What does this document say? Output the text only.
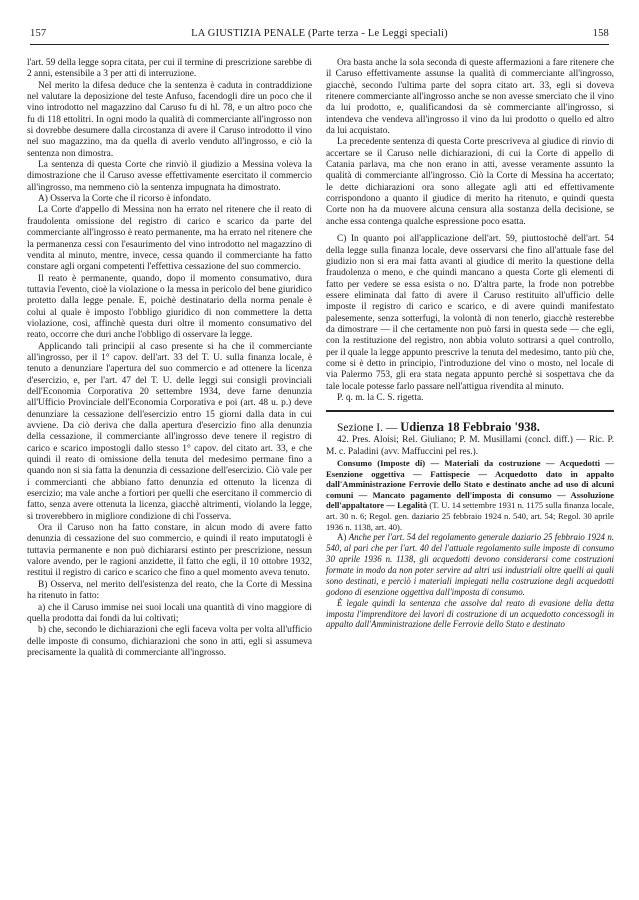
157	LA GIUSTIZIA PENALE (Parte terza - Le Leggi speciali)	158

l'art. 59 della legge sopra citata, per cui il termine di prescrizione sarebbe di 2 anni, estensibile a 3 per atti di interruzione.

Nel merito la difesa deduce che la sentenza è caduta in contraddizione nel valutare la deposizione del teste Anfuso, facendogli dire un poco che il vino introdotto nel magazzino dal Caruso fu di hl. 78, e un altro poco che fu di 118 ettolitri. In ogni modo la qualità di commerciante all'ingrosso non si dovrebbe desumere dalla circostanza di avere il Caruso introdotto il vino nel suo magazzino, ma da quella di averlo venduto all'ingrosso, e ciò la sentenza non dimostra.

La sentenza di questa Corte che rinviò il giudizio a Messina voleva la dimostrazione che il Caruso avesse effettivamente esercitato il commercio all'ingrosso, ma nemmeno ciò la sentenza impugnata ha dimostrato.

A) Osserva la Corte che il ricorso è infondato.

La Corte d'appello di Messina non ha errato nel ritenere che il reato di fraudolenta omissione del registro di carico e scarico da parte del commerciante all'ingrosso è reato permanente, ma ha errato nel ritenere che la permanenza cessi con l'esaurimento del vino introdotto nel magazzino di vendita al minuto, mentre, invece, cessa quando il commerciante ha fatto constare agli organi competenti l'effettiva cessazione del suo commercio.

Il reato è permanente, quando, dopo il momento consumativo, dura tuttavia l'evento, cioè la violazione o la messa in pericolo del bene giuridico protetto dalla legge penale. E, poichè destinatario della norma penale è colui al quale è imposto l'obbligo giuridico di non commettere la detta violazione, così, affinchè questa duri oltre il momento consumativo del reato, occorre che duri anche l'obbligo di osservare la legge.

Applicando tali principii al caso presente si ha che il commerciante all'ingrosso, per il 1° capov. dell'art. 33 del T. U. sulla finanza locale, è tenuto a denunziare l'apertura del suo commercio e ad ottenere la licenza d'esercizio, e, per l'art. 47 del T. U. delle leggi sui consigli provinciali dell'Economia Corporativa 20 settembre 1934, deve farne denunzia all'Ufficio Provinciale dell'Economia Corporativa e poi (art. 48 u. p.) deve denunziare la cessazione dell'esercizio entro 15 giorni dalla data in cui avviene. Da ciò deriva che dalla apertura d'esercizio fino alla denunzia della cessazione, il commerciante all'ingrosso deve tenere il registro di carico e scarico impostogli dallo stesso 1° capov. del citato art. 33, e che quindi il reato di omissione della tenuta del medesimo permane fino a quando non si sia fatta la denunzia di cessazione dell'esercizio. Ciò vale per i commercianti che abbiano fatto denunzia ed ottenuto la licenza di esercizio; ma vale anche a fortiori per quelli che esercitano il commercio di fatto, senza avere ottenuta la licenza, giacchè altrimenti, violando la legge, si troverebbero in migliore condizione di chi l'osserva.

Ora il Caruso non ha fatto constare, in alcun modo di avere fatto denunzia di cessazione del suo commercio, e quindi il reato imputatogli è tuttavia permanente e non può dichiararsi estinto per prescrizione, nessun valore avendo, per le ragioni anzidette, il fatto che egli, il 10 ottobre 1932, restituì il registro di carico e scarico che fino a quel momento aveva tenuto.

B) Osserva, nel merito dell'esistenza del reato, che la Corte di Messina ha ritenuto in fatto:

a) che il Caruso immise nei suoi locali una quantità di vino maggiore di quella prodotta dai fondi da lui coltivati;

b) che, secondo le dichiarazioni che egli faceva volta per volta all'ufficio delle imposte di consumo, dichiarazioni che sono in atti, egli si assumeva precisamente la qualità di commerciante all'ingrosso.

Ora basta anche la sola seconda di queste affermazioni a fare ritenere che il Caruso effettivamente assunse la qualità di commerciante all'ingrosso, giacchè, secondo l'ultima parte del sopra citato art. 33, egli si doveva ritenere commerciante all'ingrosso anche se non avesse smerciato che il vino da lui prodotto, e, qualificandosi da sè commerciante all'ingrosso, si intendeva che vendeva all'ingrosso il vino da lui prodotto o quello ed altro da lui acquistato.

La precedente sentenza di questa Corte prescriveva al giudice di rinvio di accertare se il Caruso nelle dichiarazioni, di cui la Corte di appello di Catania parlava, ma che non erano in atti, avesse veramente assunto la qualità di commerciante all'ingrosso. Ciò la Corte di Messina ha accertato; le dette dichiarazioni ora sono allegate agli atti ed effettivamente corrispondono a quanto il giudice di merito ha ritenuto, e quindi questa Corte non ha da muovere alcuna censura alla sostanza della decisione, se anche essa contenga qualche espressione poco esatta.

C) In quanto poi all'applicazione dell'art. 59, piuttostochè dell'art. 54 della legge sulla finanza locale, deve osservarsi che fino all'attuale fase del giudizio non si era mai fatta avanti al giudice di merito la questione della fraudolenza o meno, e che quindi mancano a questa Corte gli elementi di fatto per vedere se essa esista o no. D'altra parte, la frode non potrebbe essere eliminata dal fatto di avere il Caruso restituito all'ufficio delle imposte il registro di carico e scarico, e di avere quindi manifestato palesemente, senza sotterfugi, la volontà di non tenerlo, giacchè resterebbe da dimostrare — il che certamente non può farsi in questa sede — che egli, con la restituzione del registro, non abbia voluto sottrarsi a quel controllo, per il quale la legge appunto prescrive la tenuta del medesimo, tanto più che, come si è detto in principio, l'introduzione del vino o mosto, nel locale di via Palermo 753, gli era stata negata appunto perchè si sospettava che da tale locale potesse farlo passare nell'attigua rivendita al minuto.

P. q. m. la C. S. rigetta.

Sezione I. — Udienza 18 Febbraio '938.

42. Pres. Aloisi; Rel. Giuliano; P. M. Musillami (concl. diff.) — Ric. P. M. c. Paladini (avv. Maffuccini pel res.).

Consumo (Imposte di) — Materiali da costruzione — Acquedotti — Esenzione oggettiva — Fattispecie — Acquedotto dato in appalto dall'Amministrazione Ferrovie dello Stato e destinato anche ad uso di alcuni comuni — Mancato pagamento dell'imposta di consumo — Assoluzione dell'appaltatore — Legalità (T. U. 14 settembre 1931 n. 1175 sulla finanza locale, art. 30 n. 6; Regol. gen. daziario 25 febbraio 1924 n. 540, art. 54; Regol. 30 aprile 1936 n. 1138, art. 40).

A) Anche per l'art. 54 del regolamento generale daziario 25 febbraio 1924 n. 540, al pari che per l'art. 40 del l'attuale regolamento sulle imposte di consumo 30 aprile 1936 n. 1138, gli acquedotti devono considerarsi come costruzioni formate in modo da non poter servire ad altri usi industriali oltre quelli ai quali sono destinati, e perciò i materiali impiegati nella costruzione degli acquedotti godono di esenzione oggettiva dall'imposta di consumo.

È legale quindi la sentenza che assolve dal reato di evasione della detta imposta l'imprenditore dei lavori di costruzione di un acquedotto concessogli in appalto dall'Amministrazione delle Ferrovie dello Stato e destinato
